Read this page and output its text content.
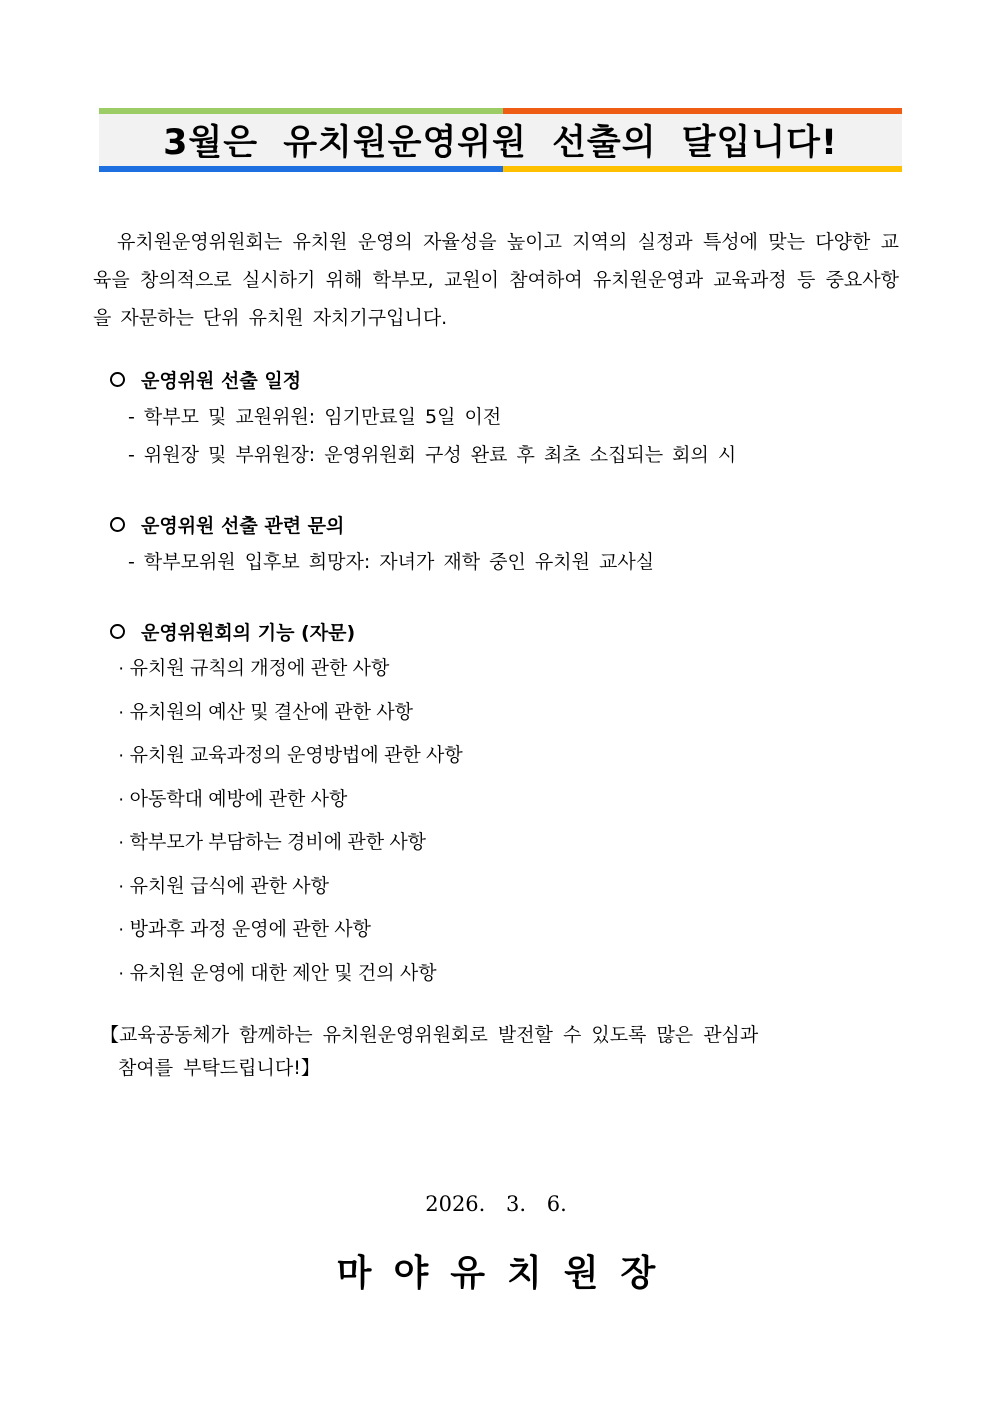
3월은 유치원운영위원 선출의 달입니다!
유치원운영위원회는 유치원 운영의 자율성을 높이고 지역의 실정과 특성에 맞는 다양한 교육을 창의적으로 실시하기 위해 학부모, 교원이 참여하여 유치원운영과 교육과정 등 중요사항을 자문하는 단위 유치원 자치기구입니다.
운영위원 선출 일정
- 학부모 및 교원위원: 임기만료일 5일 이전
- 위원장 및 부위원장: 운영위원회 구성 완료 후 최초 소집되는 회의 시
운영위원 선출 관련 문의
- 학부모위원 입후보 희망자: 자녀가 재학 중인 유치원 교사실
운영위원회의 기능 (자문)
· 유치원 규칙의 개정에 관한 사항
· 유치원의 예산 및 결산에 관한 사항
· 유치원 교육과정의 운영방법에 관한 사항
· 아동학대 예방에 관한 사항
· 학부모가 부담하는 경비에 관한 사항
· 유치원 급식에 관한 사항
· 방과후 과정 운영에 관한 사항
· 유치원 운영에 대한 제안 및 건의 사항
【교육공동체가 함께하는 유치원운영위원회로 발전할 수 있도록 많은 관심과
참여를 부탁드립니다!】
2026. 3. 6.
마야유치원장
